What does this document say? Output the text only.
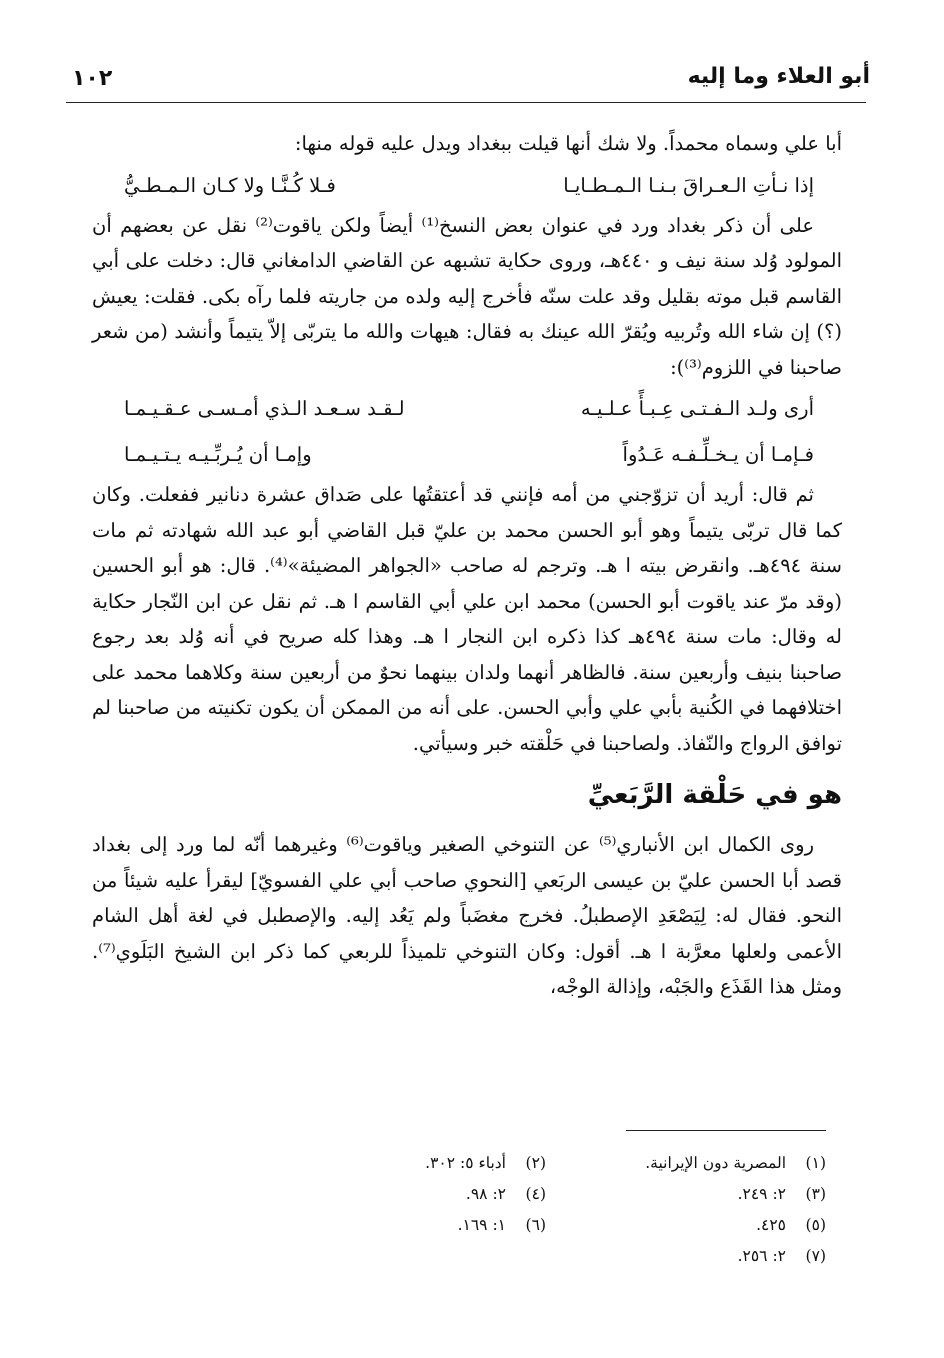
أبو العلاء وما إليه
١٠٢

أبا علي وسماه محمداً. ولا شك أنها قيلت ببغداد ويدل عليه قوله منها:

إذا نـأتِ الـعـراقَ بـنـا الـمـطـايـا
فـلا كُـنَّـا ولا كـان الـمـطـيُّ

على أن ذكر بغداد ورد في عنوان بعض النسخ⁽¹⁾ أيضاً ولكن ياقوت⁽²⁾ نقل عن بعضهم أن المولود وُلد سنة نيف و ٤٤٠هـ، وروى حكاية تشبهه عن القاضي الدامغاني قال: دخلت على أبي القاسم قبل موته بقليل وقد علت سنّه فأخرج إليه ولده من جاريته فلما رآه بكى. فقلت: يعيش (؟) إن شاء الله وتُربيه ويُقرّ الله عينك به فقال: هيهات والله ما يتربّى إلاّ يتيماً وأنشد (من شعر صاحبنا في اللزوم⁽³⁾):

أرى ولـد الـفـتـى عِـبـأً عـلـيـه
لـقـد سـعـد الـذي أمـسـى عـقـيـمـا
فـإمـا أن يـخـلِّـفـه عَـدُواً
وإمـا أن يُـربِّـيـه يـتـيـمـا

ثم قال: أريد أن تزوّجني من أمه فإنني قد أعتقتُها على صَداق عشرة دنانير ففعلت. وكان كما قال تربّى يتيماً وهو أبو الحسن محمد بن عليّ قبل القاضي أبو عبد الله شهادته ثم مات سنة ٤٩٤هـ. وانقرض بيته ا هـ. وترجم له صاحب «الجواهر المضيئة»⁽⁴⁾. قال: هو أبو الحسين (وقد مرّ عند ياقوت أبو الحسن) محمد ابن علي أبي القاسم ا هـ. ثم نقل عن ابن النّجار حكاية له وقال: مات سنة ٤٩٤هـ كذا ذكره ابن النجار ا هـ. وهذا كله صريح في أنه وُلد بعد رجوع صاحبنا بنيف وأربعين سنة. فالظاهر أنهما ولدان بينهما نحوٌ من أربعين سنة وكلاهما محمد على اختلافهما في الكُنية بأبي علي وأبي الحسن. على أنه من الممكن أن يكون تكنيته من صاحبنا لم توافق الرواج والنّفاذ. ولصاحبنا في حَلْقته خبر وسيأتي.

هو في حَلْقة الرَّبَعيِّ

روى الكمال ابن الأنباري⁽⁵⁾ عن التنوخي الصغير وياقوت⁽⁶⁾ وغيرهما أنّه لما ورد إلى بغداد قصد أبا الحسن عليّ بن عيسى الربَعي [النحوي صاحب أبي علي الفسويّ] ليقرأ عليه شيئاً من النحو. فقال له: لِيَصْعَدِ الإصطبلُ. فخرج مغضَباً ولم يَعُد إليه. والإصطبل في لغة أهل الشام الأعمى ولعلها معرَّبة ا هـ. أقول: وكان التنوخي تلميذاً للربعي كما ذكر ابن الشيخ البَلَوي⁽⁷⁾. ومثل هذا القَذَع والجَبْه، وإذالة الوجْه،

(١)المصرية دون الإيرانية.
(٢)أدباء ٥: ٣٠٢.
(٣)٢: ٢٤٩.
(٤)٢: ٩٨.
(٥)٤٢٥.
(٦)١: ١٦٩.
(٧)٢: ٢٥٦.
